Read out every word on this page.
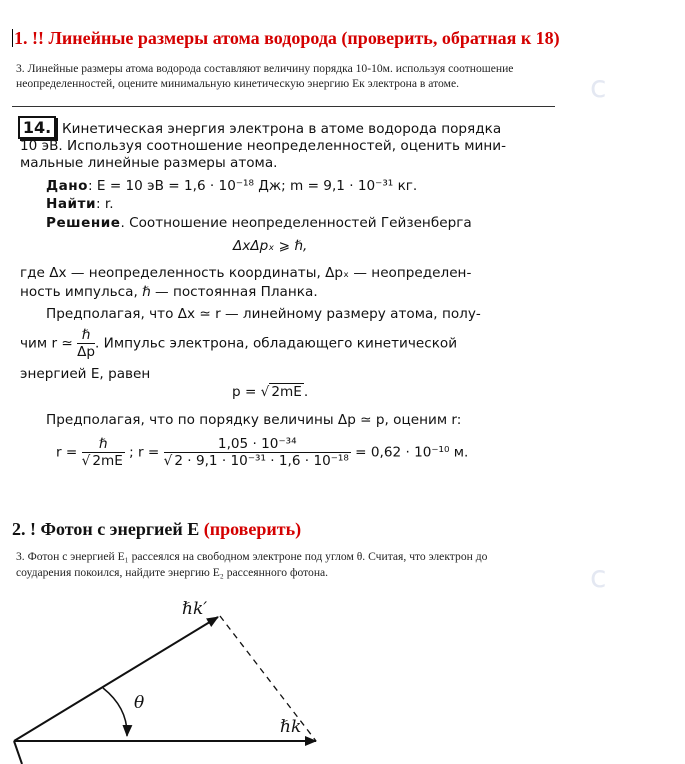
c
c
1. !! Линейные размеры атома водорода (проверить, обратная к 18)
3. Линейные размеры атома водорода составляют величину порядка 10-10м. используя соотношение
неопределенностей, оцените минимальную кинетическую энергию Ек электрона в атоме.
14. Кинетическая энергия электрона в атоме водорода порядка
10 эВ. Используя соотношение неопределенностей, оценить мини-
мальные линейные размеры атома.
Дано: E = 10 эВ = 1,6 · 10⁻¹⁸ Дж; m = 9,1 · 10⁻³¹ кг.
Найти: r.
Решение. Соотношение неопределенностей Гейзенберга
ΔxΔpₓ ⩾ ℏ,
где Δx — неопределенность координаты, Δpₓ — неопределен-
ность импульса, ℏ — постоянная Планка.
Предполагая, что Δx ≃ r — линейному размеру атома, полу-
чим r ≃ $\frac{\text{ℏ}}{\Delta p}$ . Импульс электрона, обладающего кинетической
энергией E, равен
p = √ 2mE .
Предполагая, что по порядку величины Δp ≃ p, оценим r:
$r = \frac{\text{ℏ}}{√ 2mE}$ ; $r = \frac{\text{1,05 · 10⁻³⁴}}{\text{√ 2 · 9,1 · 10⁻³¹ · 1,6 · 10⁻¹⁸}} = 0,62 \cdot 10^{-10}$ м.
2. ! Фотон с энергией Е (проверить)
3. Фотон с энергией E₁ рассеялся на свободном электроне под углом θ. Считая, что электрон до
соударения покоился, найдите энергию E₂ рассеянного фотона.
ℏk′
θ
ℏk
